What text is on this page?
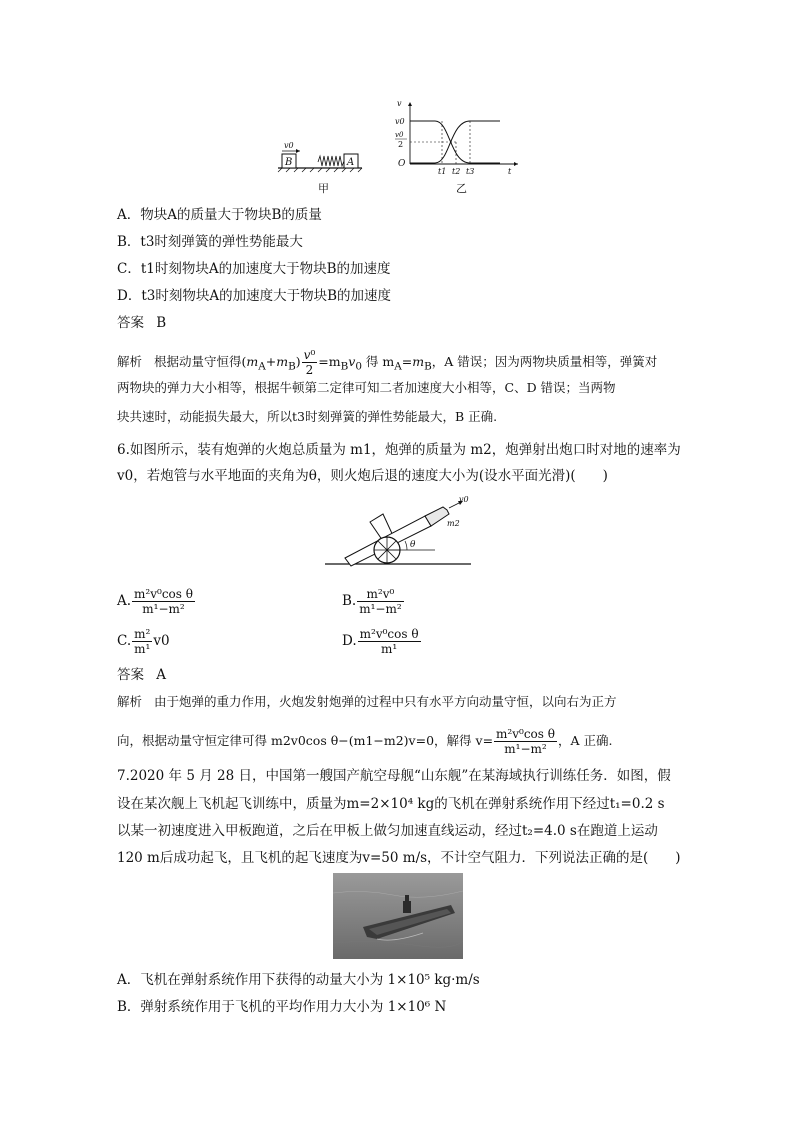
B
v0
A
甲
v
t
O
v0
v0
2
t1 t2 t3
乙
A．物块A的质量大于物块B的质量
B．t3时刻弹簧的弹性势能最大
C．t1时刻物块A的加速度大于物块B的加速度
D．t3时刻物块A的加速度大于物块B的加速度
答案 B
解析 根据动量守恒得$(m_A+m_B) \frac{\text{v⁰}}{2} =m_Bv_0$ 得 $m_A=m_B$，A 错误；因为两物块质量相等，弹簧对
两物块的弹力大小相等，根据牛顿第二定律可知二者加速度大小相等，C、D 错误；当两物
块共速时，动能损失最大，所以t3时刻弹簧的弹性势能最大，B 正确.
6.如图所示，装有炮弹的火炮总质量为 m1，炮弹的质量为 m2，炮弹射出炮口时对地的速率为
v0，若炮管与水平地面的夹角为θ，则火炮后退的速度大小为(设水平面光滑)(　　)
θ
v0
m2
A. $\frac{\text{m²v⁰cos θ}}{\text{m¹−m²}}$	B. $\frac{\text{m²v⁰}}{\text{m¹−m²}}$
C. $\frac{\text{m²}}{\text{m¹}} v0$	D. $\frac{\text{m²v⁰cos θ}}{\text{m¹}}$
答案 A
解析 由于炮弹的重力作用，火炮发射炮弹的过程中只有水平方向动量守恒，以向右为正方
向，根据动量守恒定律可得 m2v0cos θ−(m1−m2)v=0，解得 $v= \frac{\text{m²v⁰cos θ}}{\text{m¹−m²}}$ ，A 正确.
7.2020 年 5 月 28 日，中国第一艘国产航空母舰“山东舰”在某海域执行训练任务．如图，假
设在某次舰上飞机起飞训练中，质量为m=2×10⁴ kg的飞机在弹射系统作用下经过t₁=0.2 s
以某一初速度进入甲板跑道，之后在甲板上做匀加速直线运动，经过t₂=4.0 s在跑道上运动
120 m后成功起飞，且飞机的起飞速度为v=50 m/s，不计空气阻力．下列说法正确的是(　　)
A．飞机在弹射系统作用下获得的动量大小为 1×10⁵ kg·m/s
B．弹射系统作用于飞机的平均作用力大小为 1×10⁶ N
